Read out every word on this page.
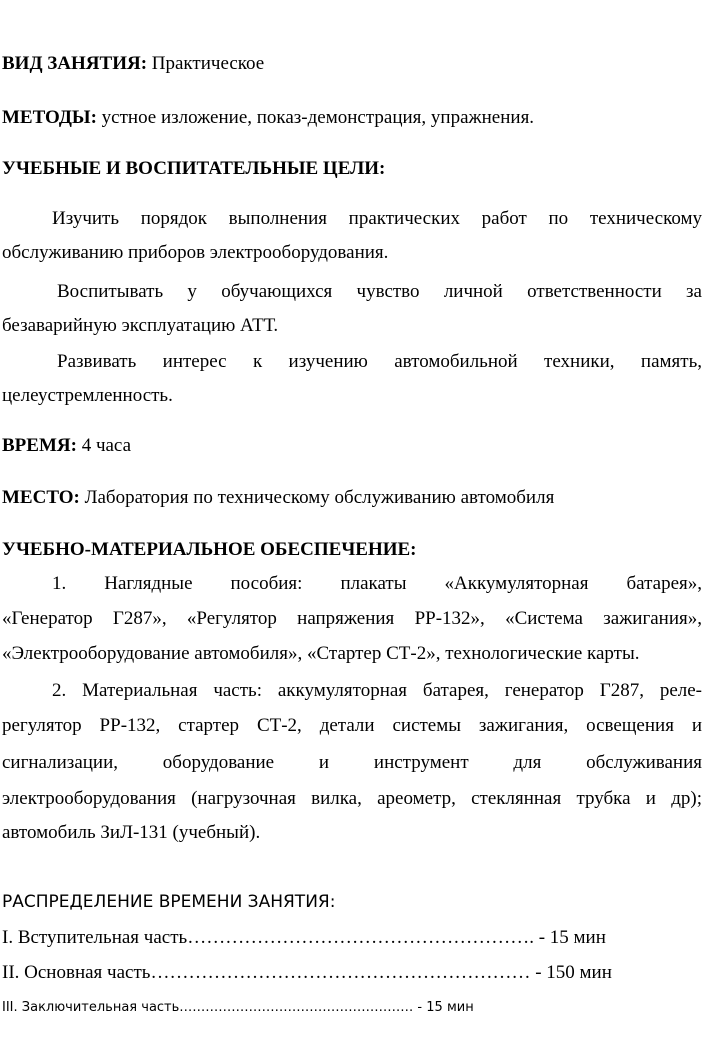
ВИД ЗАНЯТИЯ: Практическое
МЕТОДЫ: устное изложение, показ-демонстрация, упражнения.
УЧЕБНЫЕ И ВОСПИТАТЕЛЬНЫЕ ЦЕЛИ:
Изучить порядок выполнения практических работ по техническому
обслуживанию приборов электрооборудования.
Воспитывать у обучающихся чувство личной ответственности за
безаварийную эксплуатацию АТТ.
Развивать интерес к изучению автомобильной техники, память,
целеустремленность.
ВРЕМЯ: 4 часа
МЕСТО: Лаборатория по техническому обслуживанию автомобиля
УЧЕБНО-МАТЕРИАЛЬНОЕ ОБЕСПЕЧЕНИЕ:
1. Наглядные пособия: плакаты «Аккумуляторная батарея»,
«Генератор Г287», «Регулятор напряжения РР-132», «Система зажигания»,
«Электрооборудование автомобиля», «Стартер СТ-2», технологические карты.
2. Материальная часть: аккумуляторная батарея, генератор Г287, реле-
регулятор РР-132, стартер СТ-2, детали системы зажигания, освещения и
сигнализации, оборудование и инструмент для обслуживания
электрооборудования (нагрузочная вилка, ареометр, стеклянная трубка и др);
автомобиль ЗиЛ-131 (учебный).
РАСПРЕДЕЛЕНИЕ ВРЕМЕНИ ЗАНЯТИЯ:
I. Вступительная часть………………………………………………. - 15 мин
II. Основная часть…………………………………………………… - 150 мин
III. Заключительная часть……………………………………………… - 15 мин
